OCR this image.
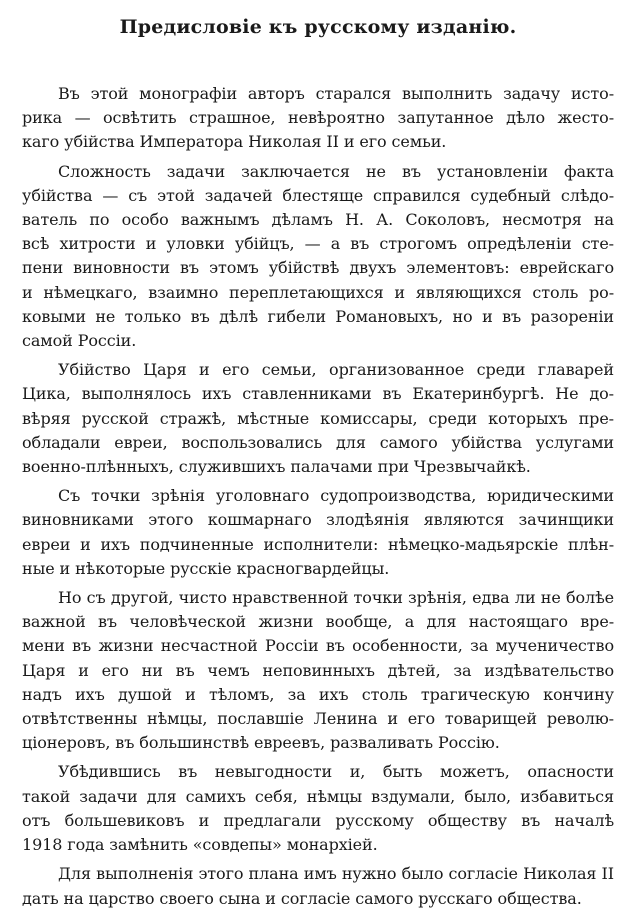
Предисловіе къ русскому изданію.
Въ этой монографіи авторъ старался выполнить задачу исто-
рика — освѣтить страшное, невѣроятно запутанное дѣло жесто-
каго убійства Императора Николая II и его семьи.
Сложность задачи заключается не въ установленіи факта
убійства — съ этой задачей блестяще справился судебный слѣдо-
ватель по особо важнымъ дѣламъ Н. А. Соколовъ, несмотря на
всѣ хитрости и уловки убійцъ, — а въ строгомъ опредѣленіи сте-
пени виновности въ этомъ убійствѣ двухъ элементовъ: еврейскаго
и нѣмецкаго, взаимно переплетающихся и являющихся столь ро-
ковыми не только въ дѣлѣ гибели Романовыхъ, но и въ разореніи
самой Россіи.
Убійство Царя и его семьи, организованное среди главарей
Цика, выполнялось ихъ ставленниками въ Екатеринбургѣ. Не до-
вѣряя русской стражѣ, мѣстные комиссары, среди которыхъ пре-
обладали евреи, воспользовались для самого убійства услугами
военно-плѣнныхъ, служившихъ палачами при Чрезвычайкѣ.
Съ точки зрѣнія уголовнаго судопроизводства, юридическими
виновниками этого кошмарнаго злодѣянія являются зачинщики
евреи и ихъ подчиненные исполнители: нѣмецко-мадьярскіе плѣн-
ные и нѣкоторые русскіе красногвардейцы.
Но съ другой, чисто нравственной точки зрѣнія, едва ли не болѣе
важной въ человѣческой жизни вообще, а для настоящаго вре-
мени въ жизни несчастной Россіи въ особенности, за мученичество
Царя и его ни въ чемъ неповинныхъ дѣтей, за издѣвательство
надъ ихъ душой и тѣломъ, за ихъ столь трагическую кончину
отвѣтственны нѣмцы, пославшіе Ленина и его товарищей револю-
ціонеровъ, въ большинствѣ евреевъ, разваливать Россію.
Убѣдившись въ невыгодности и, быть можетъ, опасности
такой задачи для самихъ себя, нѣмцы вздумали, было, избавиться
отъ большевиковъ и предлагали русскому обществу въ началѣ
1918 года замѣнить «совдепы» монархіей.
Для выполненія этого плана имъ нужно было согласіе Николая II
дать на царство своего сына и согласіе самого русскаго общества.
